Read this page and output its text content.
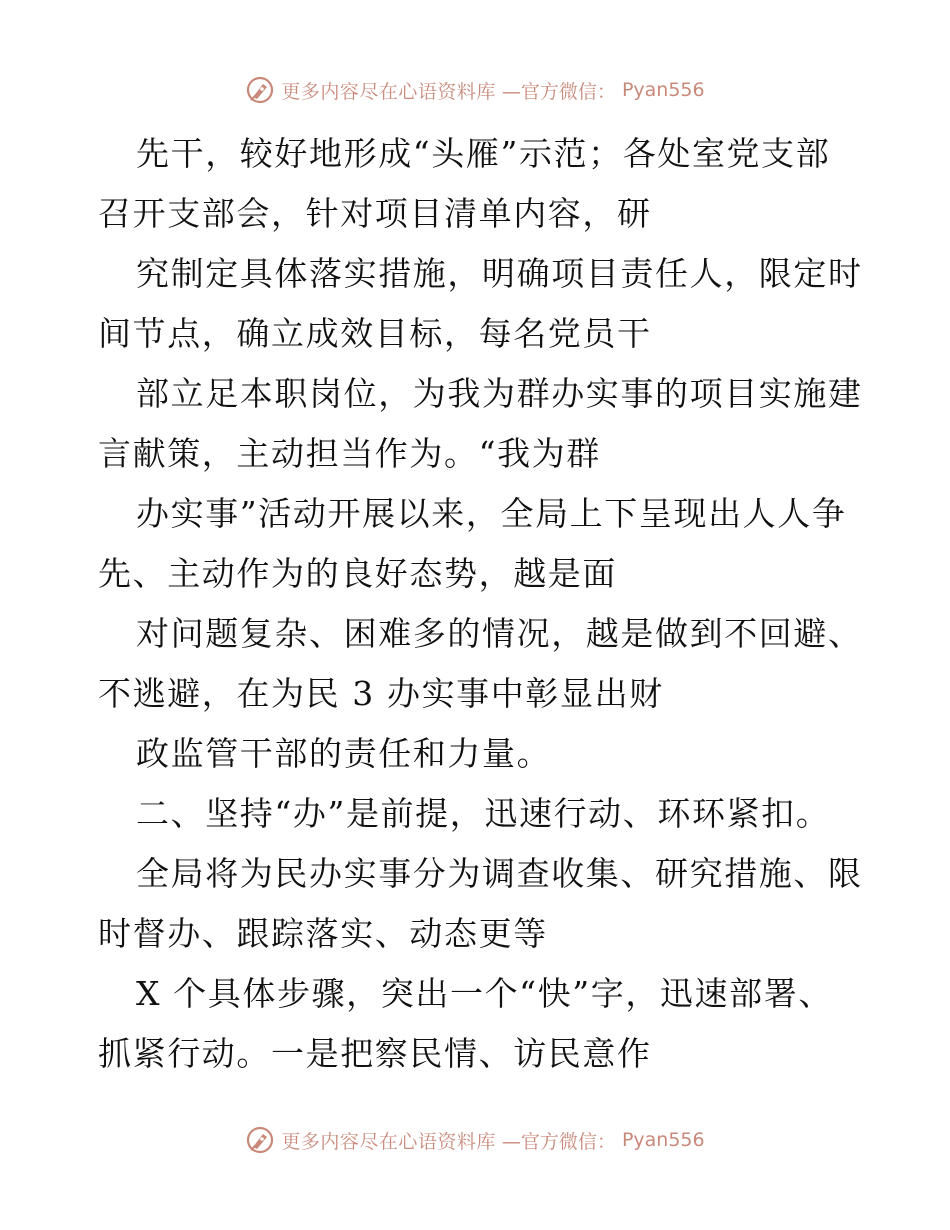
更多内容尽在心语资料库 —官方微信： Pyan556
先干，较好地形成“头雁”示范；各处室党支部
召开支部会，针对项目清单内容，研
究制定具体落实措施，明确项目责任人，限定时
间节点，确立成效目标，每名党员干
部立足本职岗位，为我为群办实事的项目实施建
言献策，主动担当作为。“我为群
办实事”活动开展以来，全局上下呈现出人人争
先、主动作为的良好态势，越是面
对问题复杂、困难多的情况，越是做到不回避、
不逃避，在为民 3 办实事中彰显出财
政监管干部的责任和力量。
二、坚持“办”是前提，迅速行动、环环紧扣。
全局将为民办实事分为调查收集、研究措施、限
时督办、跟踪落实、动态更等
X 个具体步骤，突出一个“快”字，迅速部署、
抓紧行动。一是把察民情、访民意作
更多内容尽在心语资料库 —官方微信： Pyan556
